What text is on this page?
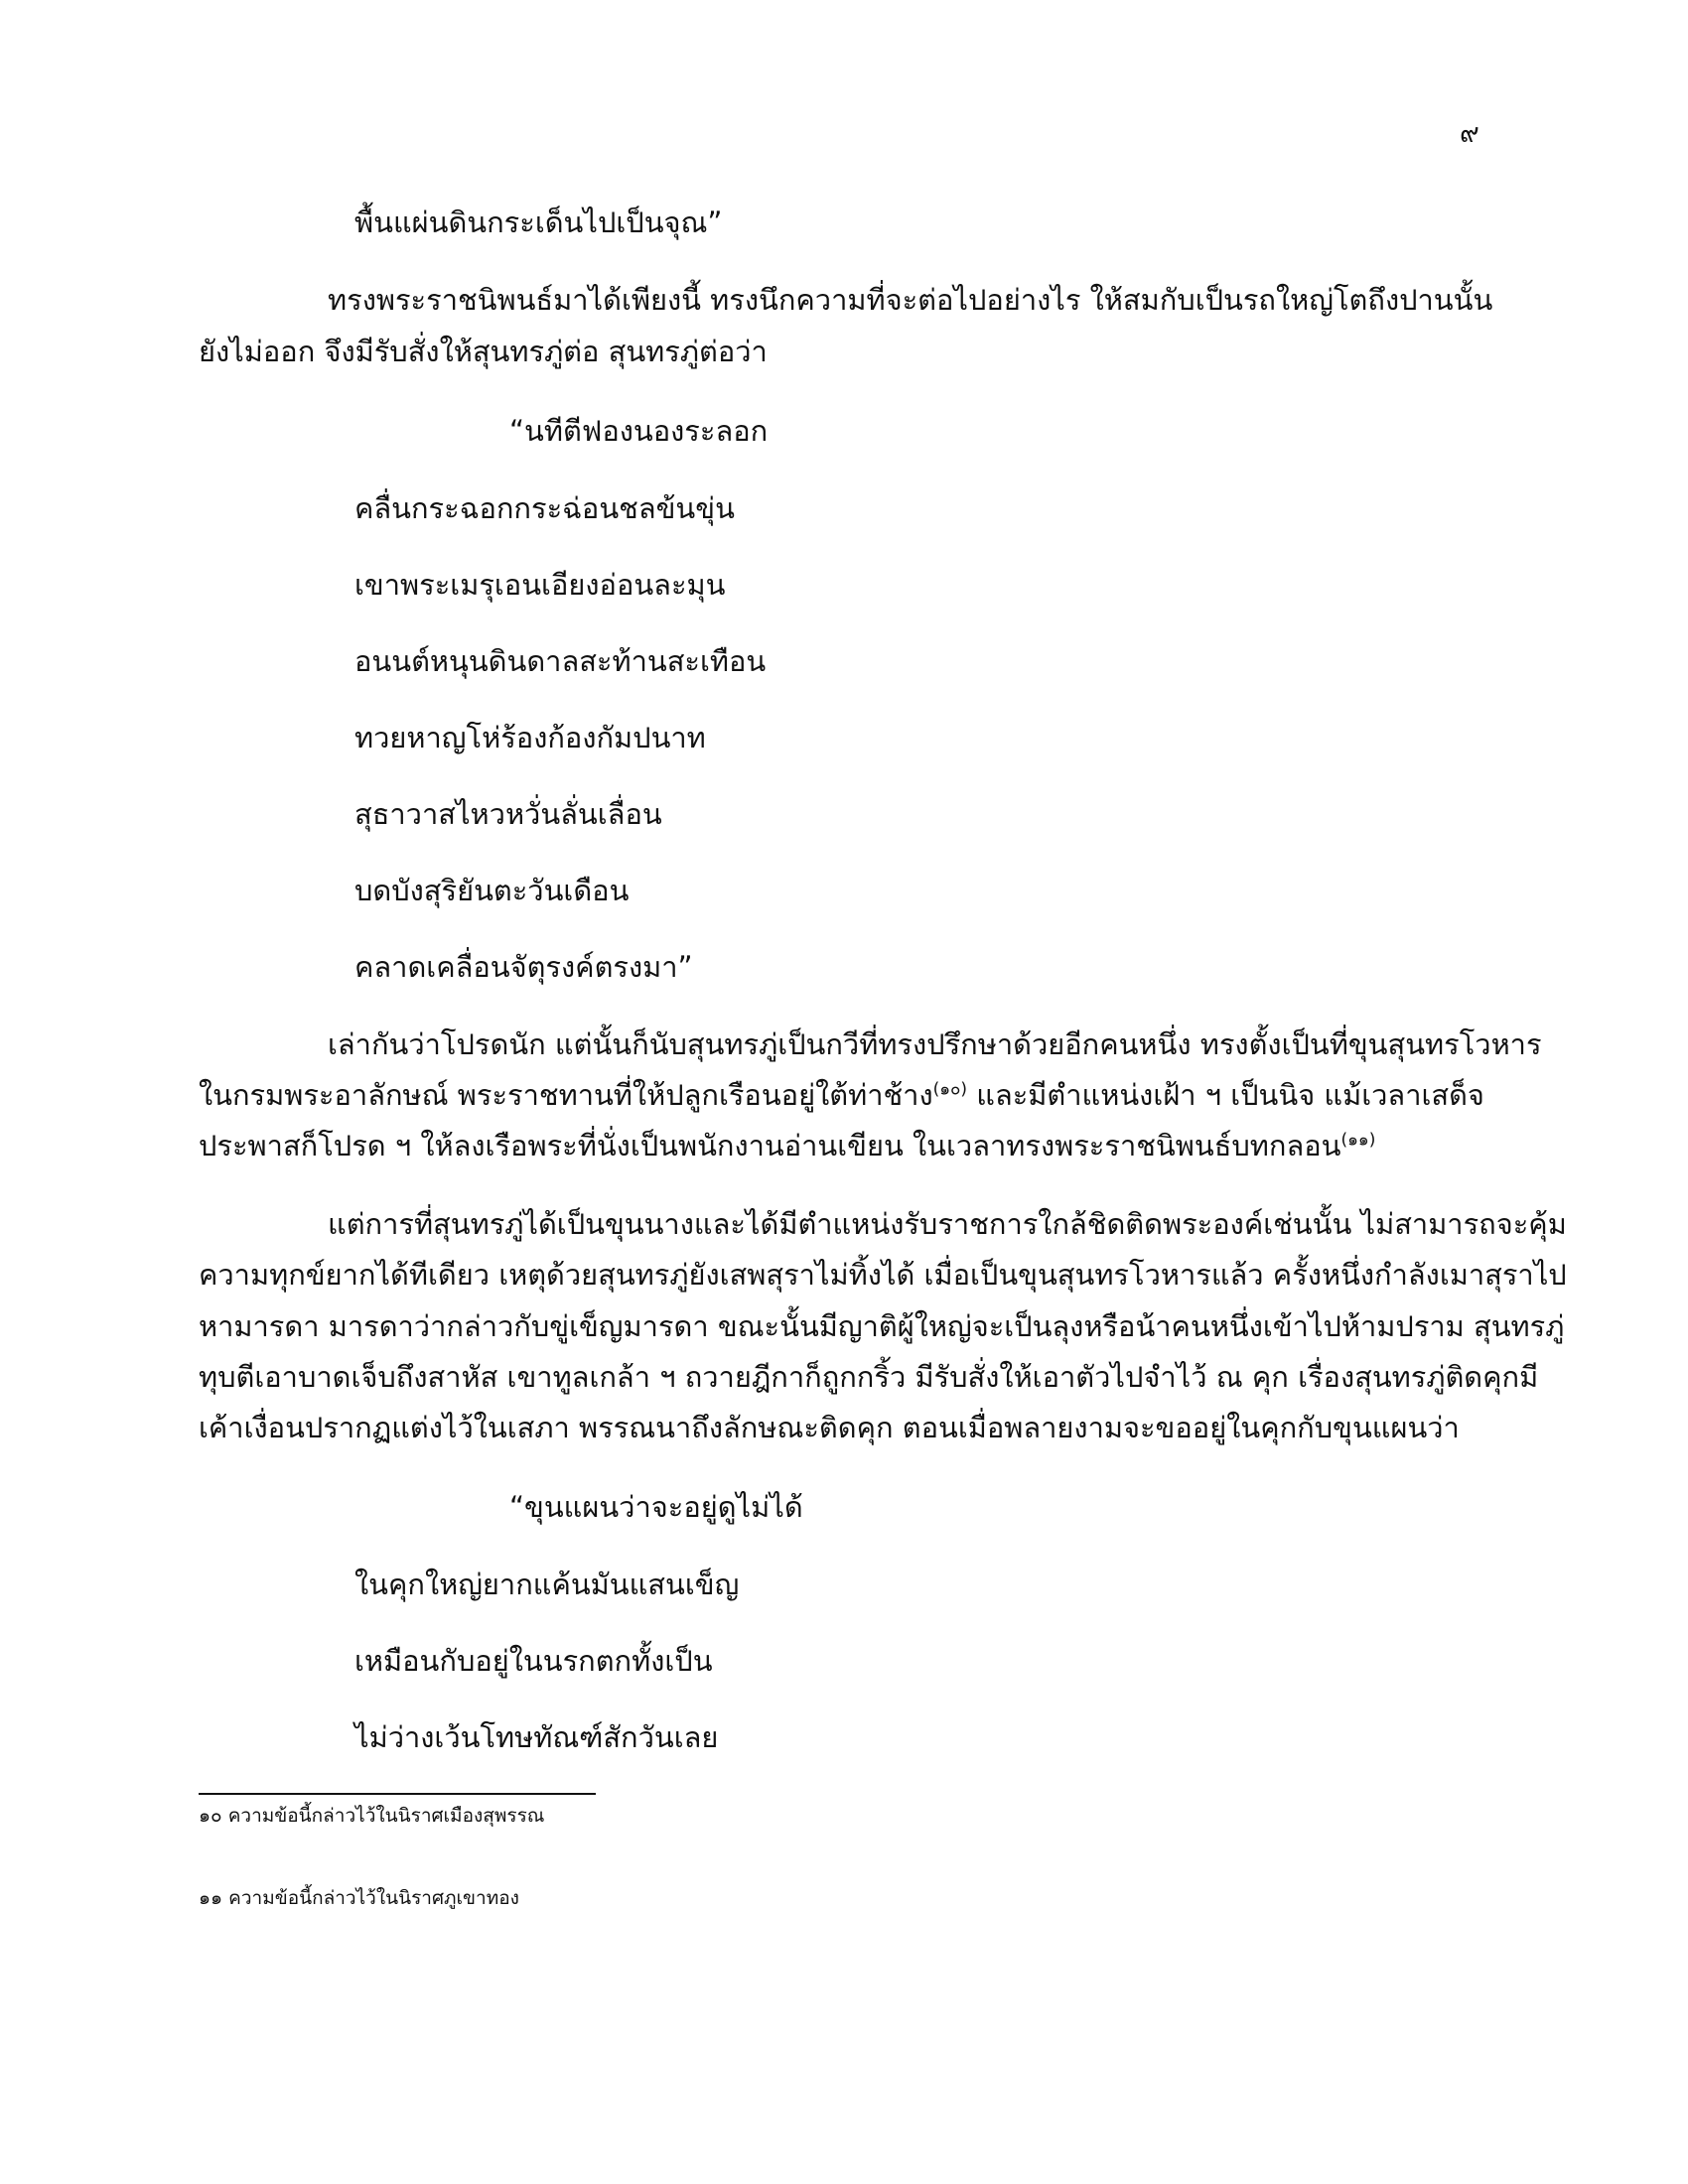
๙
พื้นแผ่นดินกระเด็นไปเป็นจุณ”
ทรงพระราชนิพนธ์มาได้เพียงนี้ ทรงนึกความที่จะต่อไปอย่างไร ให้สมกับเป็นรถใหญ่โตถึงปานนั้น
ยังไม่ออก จึงมีรับสั่งให้สุนทรภู่ต่อ สุนทรภู่ต่อว่า
“นทีตีฟองนองระลอก
คลื่นกระฉอกกระฉ่อนชลข้นขุ่น
เขาพระเมรุเอนเอียงอ่อนละมุน
อนนต์หนุนดินดาลสะท้านสะเทือน
ทวยหาญโห่ร้องก้องกัมปนาท
สุธาวาสไหวหวั่นลั่นเลื่อน
บดบังสุริยันตะวันเดือน
คลาดเคลื่อนจัตุรงค์ตรงมา”
เล่ากันว่าโปรดนัก แต่นั้นก็นับสุนทรภู่เป็นกวีที่ทรงปรึกษาด้วยอีกคนหนึ่ง ทรงตั้งเป็นที่ขุนสุนทรโวหาร
ในกรมพระอาลักษณ์ พระราชทานที่ให้ปลูกเรือนอยู่ใต้ท่าช้าง$^{(๑๐)}$ และมีตำแหน่งเฝ้า ฯ เป็นนิจ แม้เวลาเสด็จ
ประพาสก็โปรด ฯ ให้ลงเรือพระที่นั่งเป็นพนักงานอ่านเขียน ในเวลาทรงพระราชนิพนธ์บทกลอน$^{(๑๑)}$
แต่การที่สุนทรภู่ได้เป็นขุนนางและได้มีตำแหน่งรับราชการใกล้ชิดติดพระองค์เช่นนั้น ไม่สามารถจะคุ้ม
ความทุกข์ยากได้ทีเดียว เหตุด้วยสุนทรภู่ยังเสพสุราไม่ทิ้งได้ เมื่อเป็นขุนสุนทรโวหารแล้ว ครั้งหนึ่งกำลังเมาสุราไป
หามารดา มารดาว่ากล่าวกับขู่เข็ญมารดา ขณะนั้นมีญาติผู้ใหญ่จะเป็นลุงหรือน้าคนหนึ่งเข้าไปห้ามปราม สุนทรภู่
ทุบตีเอาบาดเจ็บถึงสาหัส เขาทูลเกล้า ฯ ถวายฎีกาก็ถูกกริ้ว มีรับสั่งให้เอาตัวไปจำไว้ ณ คุก เรื่องสุนทรภู่ติดคุกมี
เค้าเงื่อนปรากฏแต่งไว้ในเสภา พรรณนาถึงลักษณะติดคุก ตอนเมื่อพลายงามจะขออยู่ในคุกกับขุนแผนว่า
“ขุนแผนว่าจะอยู่ดูไม่ได้
ในคุกใหญ่ยากแค้นมันแสนเข็ญ
เหมือนกับอยู่ในนรกตกทั้งเป็น
ไม่ว่างเว้นโทษทัณฑ์สักวันเลย
๑๐ ความข้อนี้กล่าวไว้ในนิราศเมืองสุพรรณ
๑๑ ความข้อนี้กล่าวไว้ในนิราศภูเขาทอง
